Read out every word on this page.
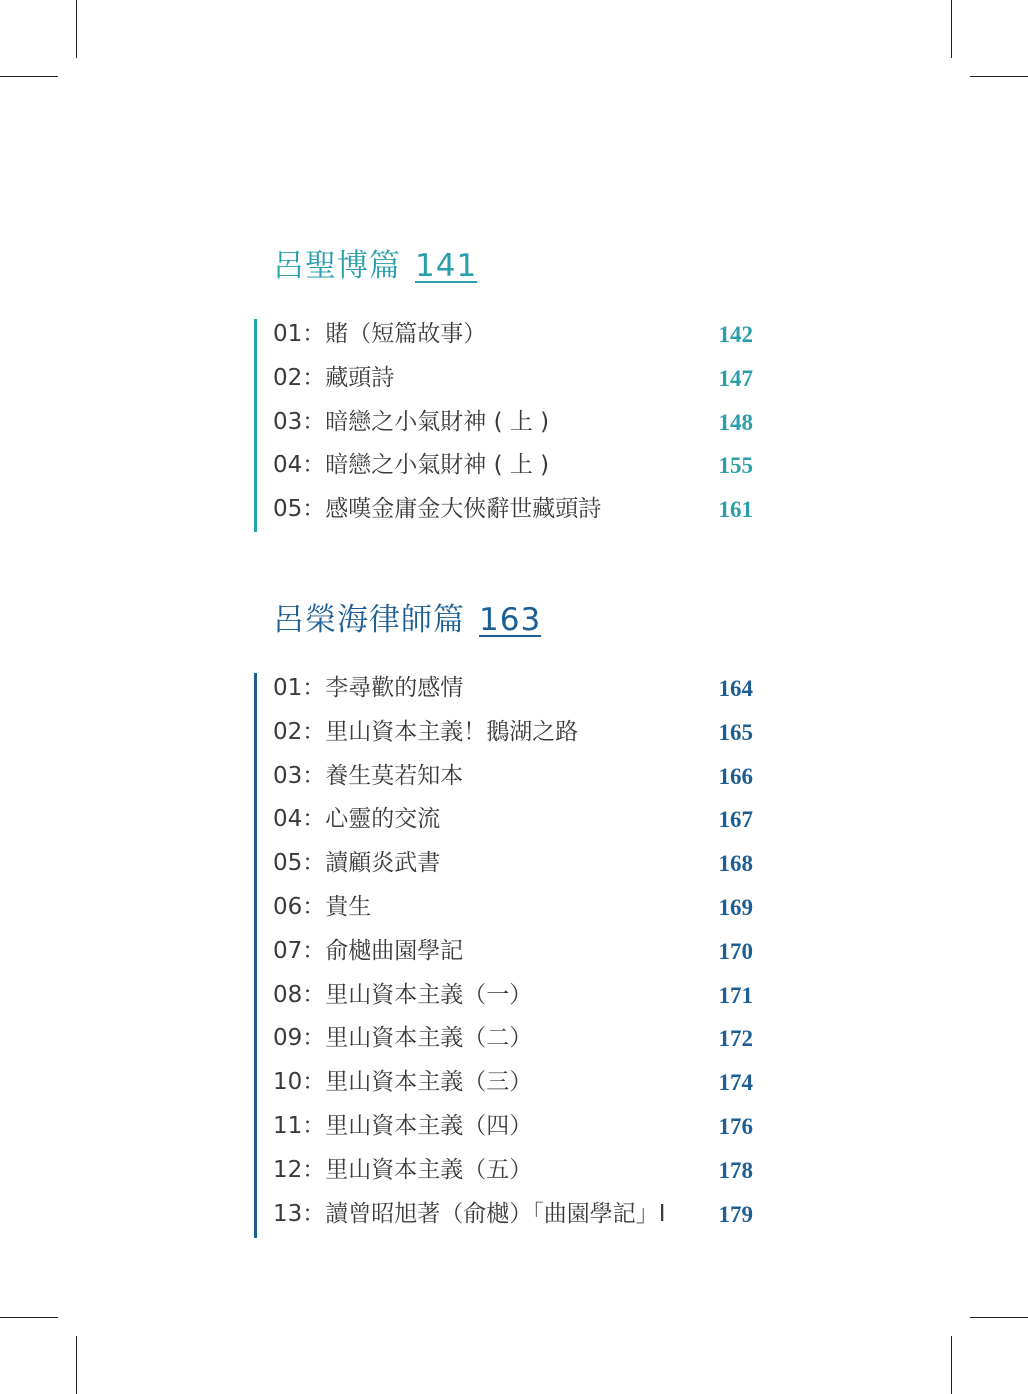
呂聖博篇 141
01：賭（短篇故事）	142
02：藏頭詩	147
03：暗戀之小氣財神 ( 上 )	148
04：暗戀之小氣財神 ( 上 )	155
05：感嘆金庸金大俠辭世藏頭詩	161
呂榮海律師篇 163
01：李尋歡的感情	164
02：里山資本主義！鵝湖之路	165
03：養生莫若知本	166
04：心靈的交流	167
05：讀顧炎武書	168
06：貴生	169
07：俞樾曲園學記	170
08：里山資本主義（一）	171
09：里山資本主義（二）	172
10：里山資本主義（三）	174
11：里山資本主義（四）	176
12：里山資本主義（五）	178
13：讀曾昭旭著（俞樾）「曲園學記」I 179
